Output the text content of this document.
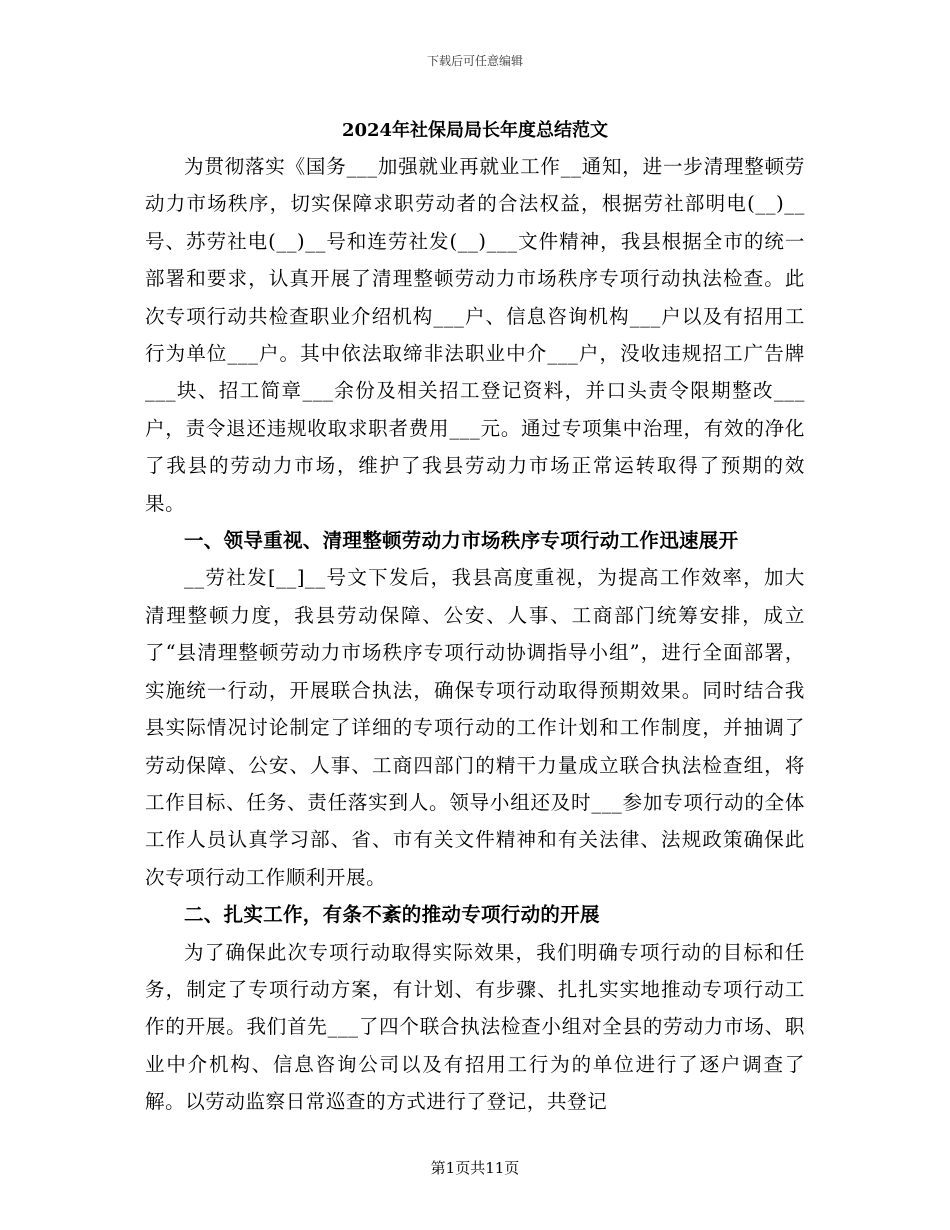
下载后可任意编辑
2024年社保局局长年度总结范文

为贯彻落实《国务___加强就业再就业工作__通知，进一步清理整顿劳动力市场秩序，切实保障求职劳动者的合法权益，根据劳社部明电(__)__号、苏劳社电(__)__号和连劳社发(__)___文件精神，我县根据全市的统一部署和要求，认真开展了清理整顿劳动力市场秩序专项行动执法检查。此次专项行动共检查职业介绍机构___户、信息咨询机构___户以及有招用工行为单位___户。其中依法取缔非法职业中介___户，没收违规招工广告牌___块、招工简章___余份及相关招工登记资料，并口头责令限期整改___户，责令退还违规收取求职者费用___元。通过专项集中治理，有效的净化了我县的劳动力市场，维护了我县劳动力市场正常运转取得了预期的效果。

一、领导重视、清理整顿劳动力市场秩序专项行动工作迅速展开

__劳社发[__]__号文下发后，我县高度重视，为提高工作效率，加大清理整顿力度，我县劳动保障、公安、人事、工商部门统筹安排，成立了“县清理整顿劳动力市场秩序专项行动协调指导小组”，进行全面部署，实施统一行动，开展联合执法，确保专项行动取得预期效果。同时结合我县实际情况讨论制定了详细的专项行动的工作计划和工作制度，并抽调了劳动保障、公安、人事、工商四部门的精干力量成立联合执法检查组，将工作目标、任务、责任落实到人。领导小组还及时___参加专项行动的全体工作人员认真学习部、省、市有关文件精神和有关法律、法规政策确保此次专项行动工作顺利开展。

二、扎实工作，有条不紊的推动专项行动的开展

为了确保此次专项行动取得实际效果，我们明确专项行动的目标和任务，制定了专项行动方案，有计划、有步骤、扎扎实实地推动专项行动工作的开展。我们首先___了四个联合执法检查小组对全县的劳动力市场、职业中介机构、信息咨询公司以及有招用工行为的单位进行了逐户调查了解。以劳动监察日常巡查的方式进行了登记，共登记

第1页共11页
